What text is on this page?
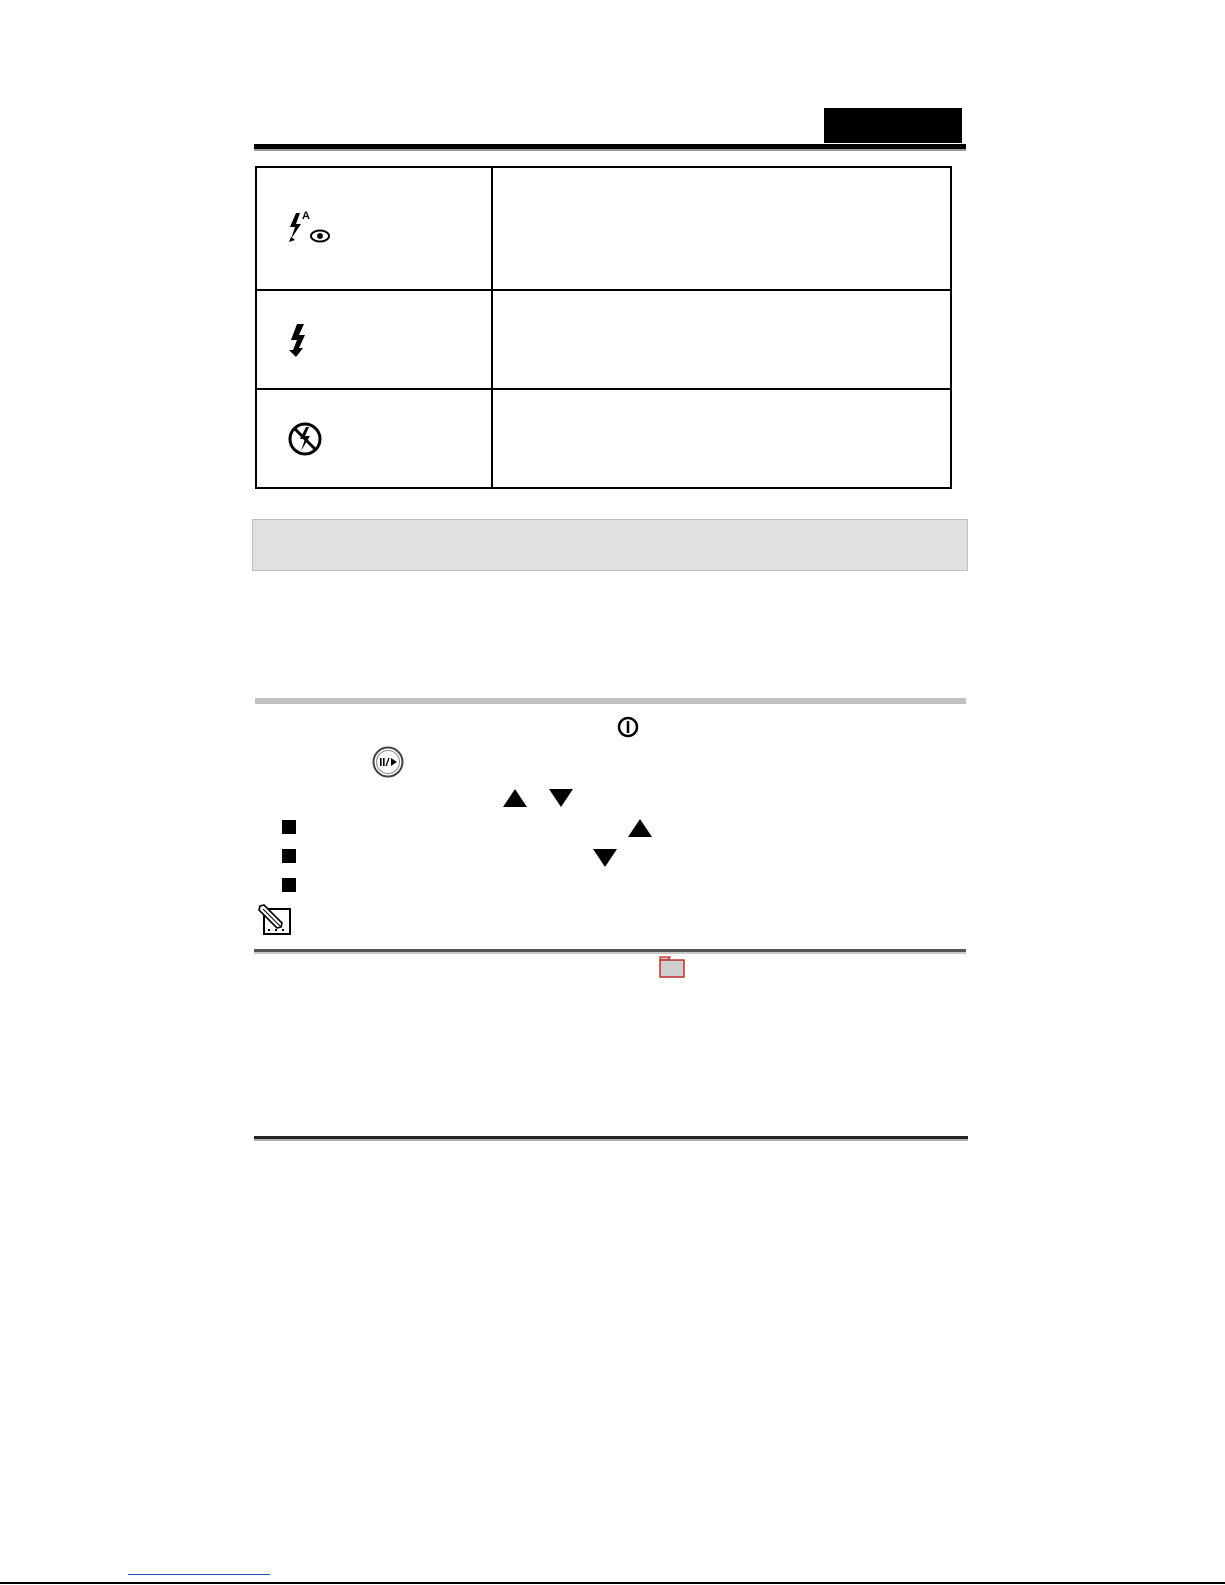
A	
